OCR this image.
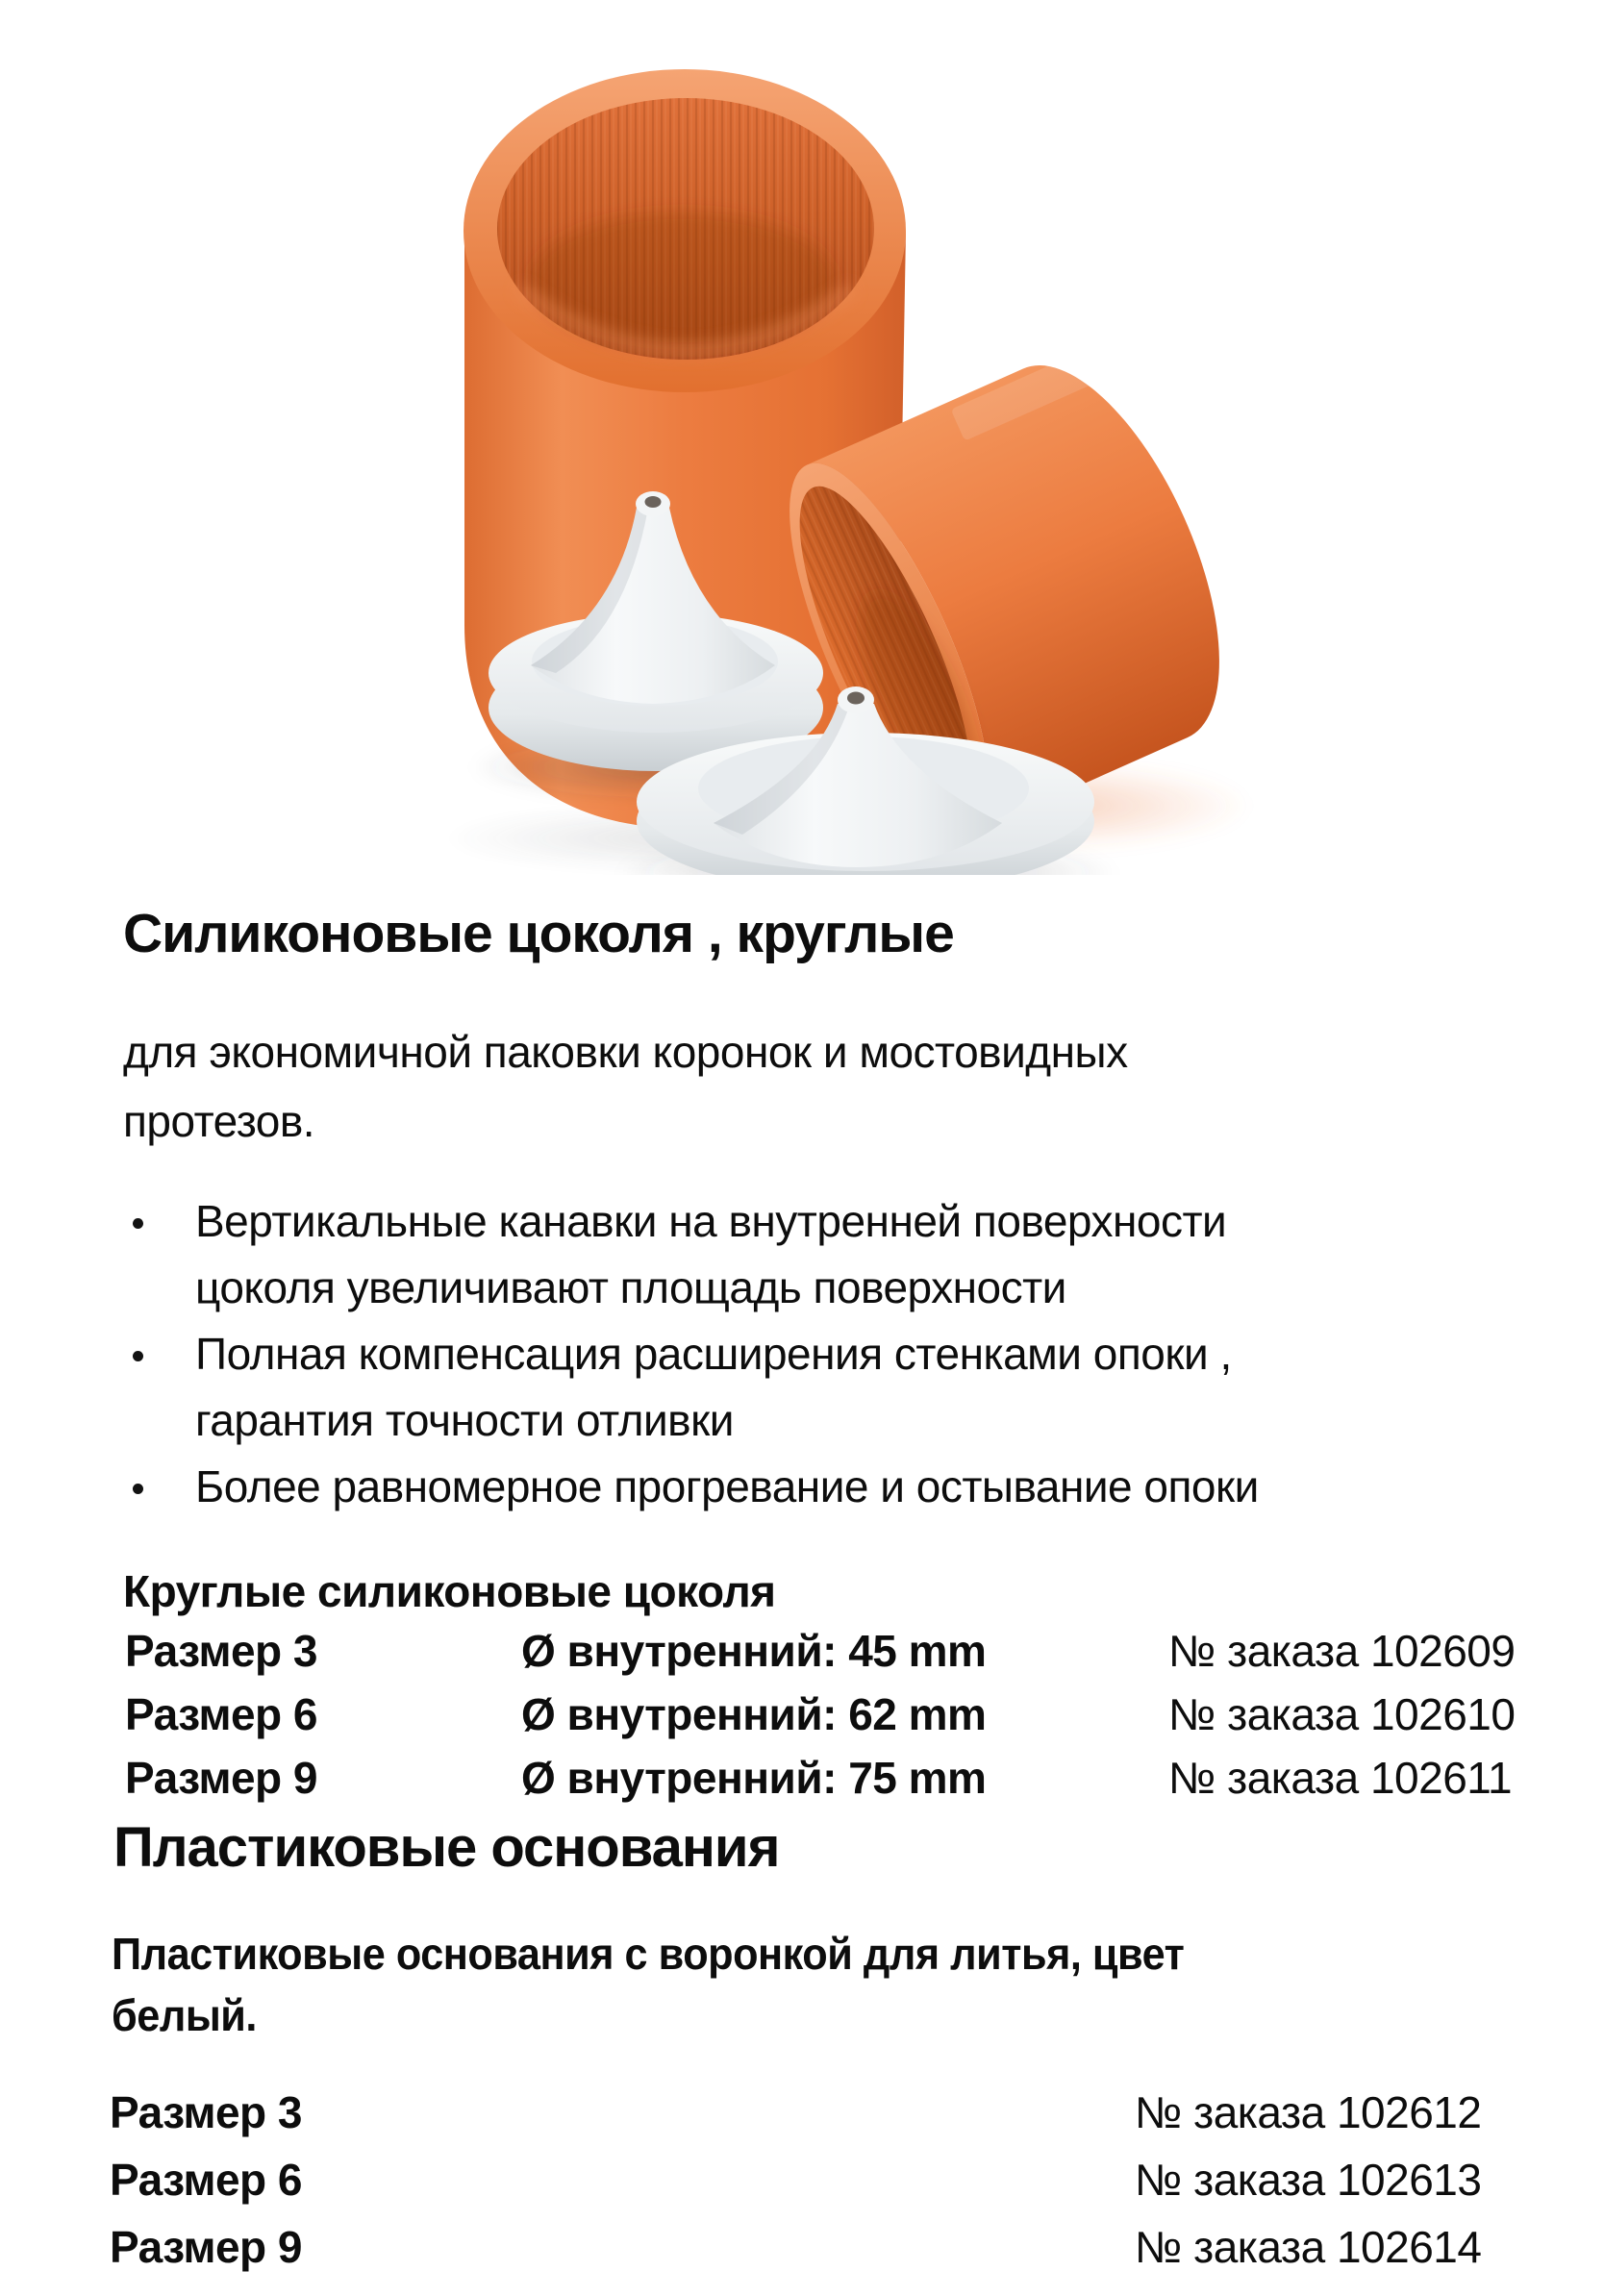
Силиконовые цоколя , круглые
для экономичной паковки коронок и мостовидных
протезов.
Вертикальные канавки на внутренней поверхности
цоколя увеличивают площадь поверхности
Полная компенсация расширения стенками опоки ,
гарантия точности отливки
Более равномерное прогревание и остывание опоки
Круглые силиконовые цоколя
Размер 3	Ø внутренний: 45 mm	№ заказа 102609
Размер 6	Ø внутренний: 62 mm	№ заказа 102610
Размер 9	Ø внутренний: 75 mm	№ заказа 102611
Пластиковые основания
Пластиковые основания с воронкой для литья, цвет
белый.
Размер 3	№ заказа 102612
Размер 6	№ заказа 102613
Размер 9	№ заказа 102614
